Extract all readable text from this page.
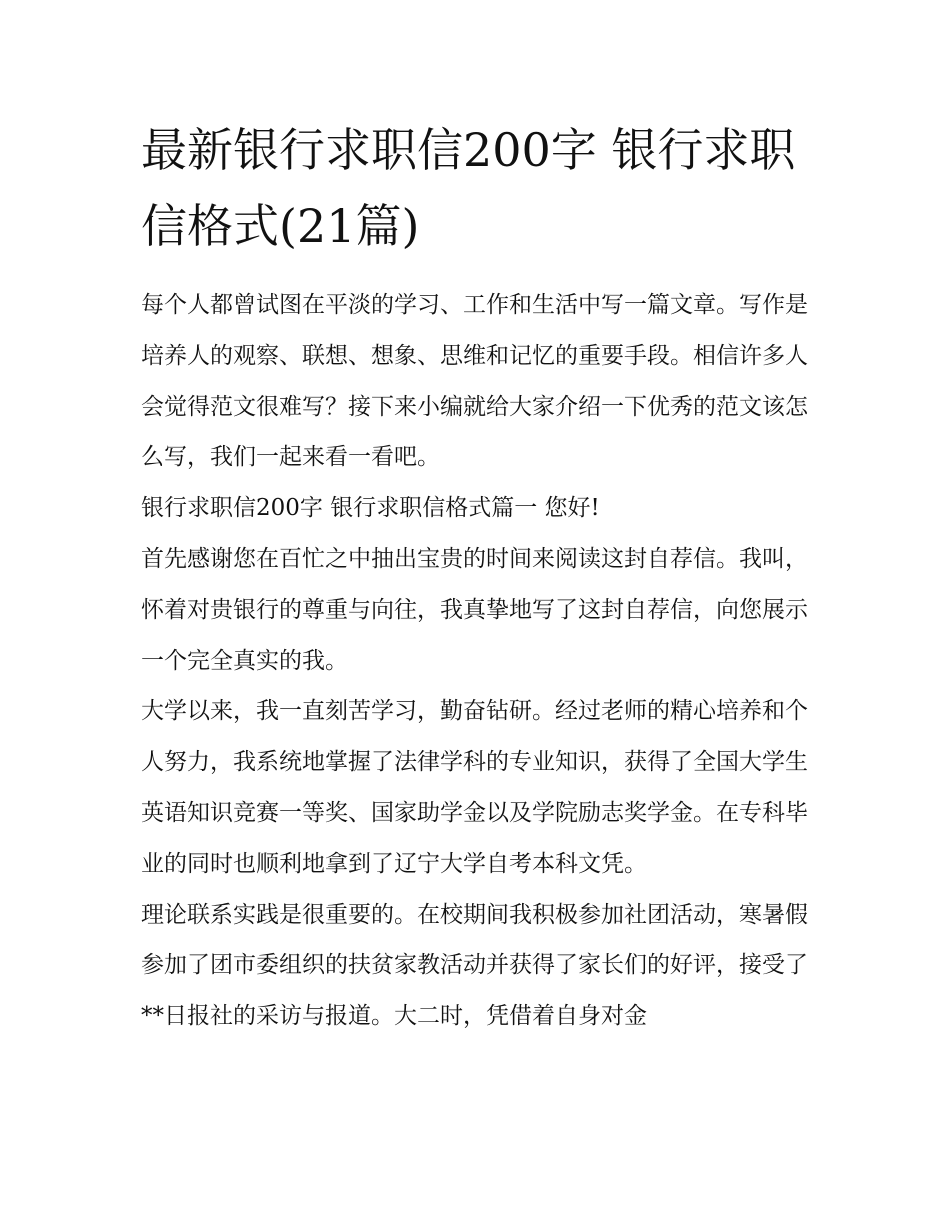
最新银行求职信200字 银行求职信格式(21篇)

每个人都曾试图在平淡的学习、工作和生活中写一篇文章。写作是培养人的观察、联想、想象、思维和记忆的重要手段。相信许多人会觉得范文很难写？接下来小编就给大家介绍一下优秀的范文该怎么写，我们一起来看一看吧。

银行求职信200字 银行求职信格式篇一 您好!

首先感谢您在百忙之中抽出宝贵的时间来阅读这封自荐信。我叫，怀着对贵银行的尊重与向往，我真挚地写了这封自荐信，向您展示一个完全真实的我。

大学以来，我一直刻苦学习，勤奋钻研。经过老师的精心培养和个人努力，我系统地掌握了法律学科的专业知识，获得了全国大学生英语知识竞赛一等奖、国家助学金以及学院励志奖学金。在专科毕业的同时也顺利地拿到了辽宁大学自考本科文凭。

理论联系实践是很重要的。在校期间我积极参加社团活动，寒暑假参加了团市委组织的扶贫家教活动并获得了家长们的好评，接受了**日报社的采访与报道。大二时，凭借着自身对金
